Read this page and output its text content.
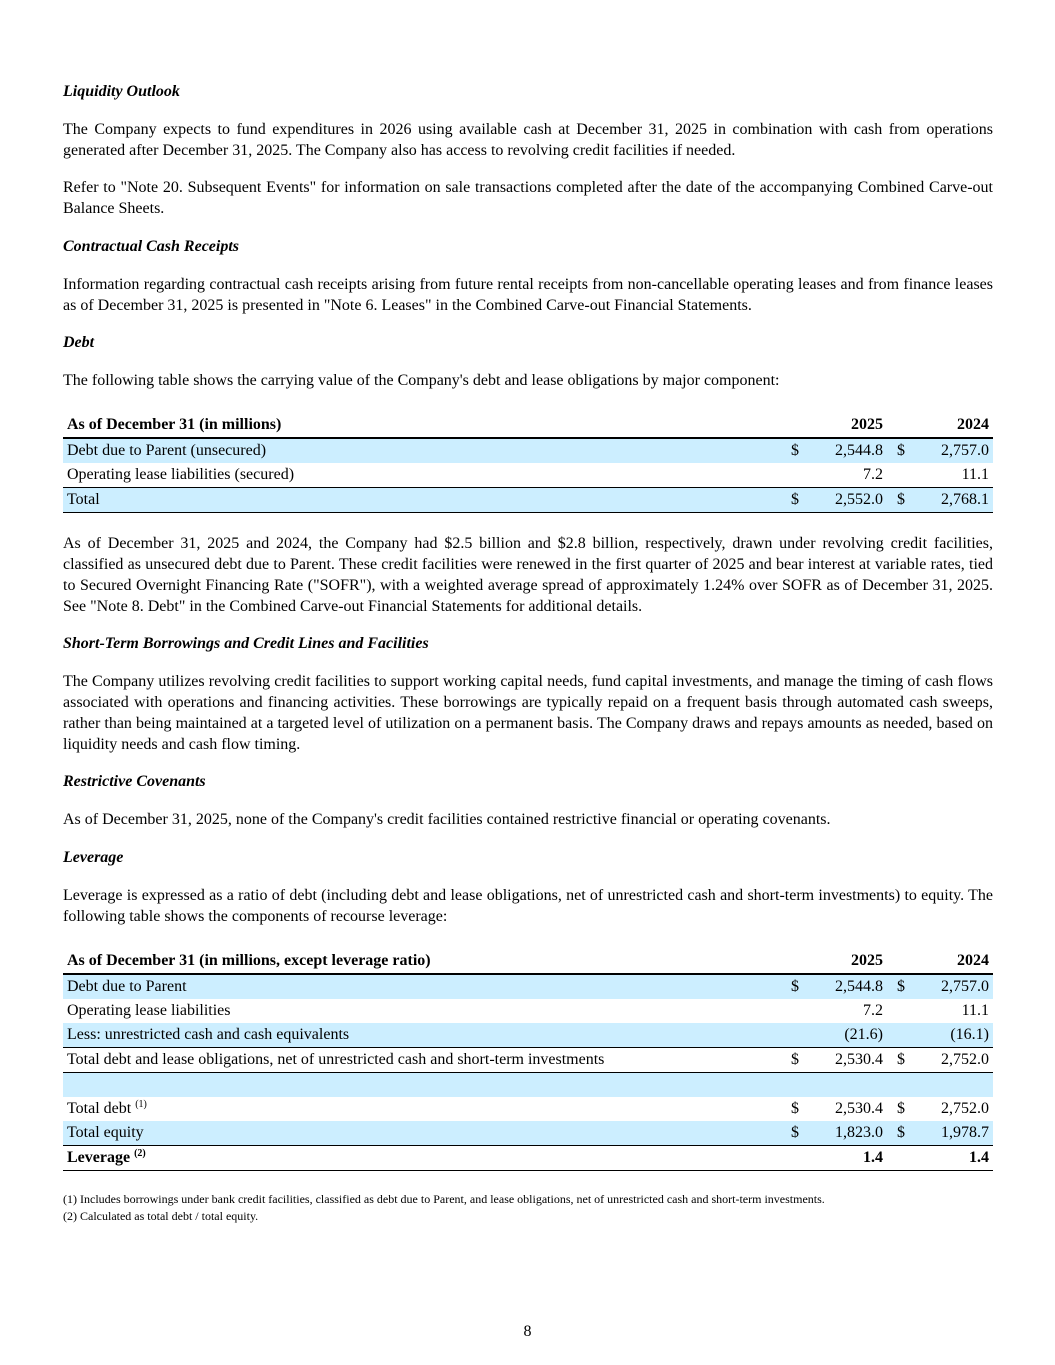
Liquidity Outlook
The Company expects to fund expenditures in 2026 using available cash at December 31, 2025 in combination with cash from operations generated after December 31, 2025. The Company also has access to revolving credit facilities if needed.
Refer to "Note 20. Subsequent Events" for information on sale transactions completed after the date of the accompanying Combined Carve-out Balance Sheets.
Contractual Cash Receipts
Information regarding contractual cash receipts arising from future rental receipts from non-cancellable operating leases and from finance leases as of December 31, 2025 is presented in "Note 6. Leases" in the Combined Carve-out Financial Statements.
Debt
The following table shows the carrying value of the Company's debt and lease obligations by major component:
As of December 31 (in millions)	2025		2024	
Debt due to Parent (unsecured)	$	2,544.8	$	2,757.0
Operating lease liabilities (secured)		7.2		11.1
Total	$	2,552.0	$	2,768.1
As of December 31, 2025 and 2024, the Company had $2.5 billion and $2.8 billion, respectively, drawn under revolving credit facilities, classified as unsecured debt due to Parent. These credit facilities were renewed in the first quarter of 2025 and bear interest at variable rates, tied to Secured Overnight Financing Rate ("SOFR"), with a weighted average spread of approximately 1.24% over SOFR as of December 31, 2025. See "Note 8. Debt" in the Combined Carve-out Financial Statements for additional details.
Short-Term Borrowings and Credit Lines and Facilities
The Company utilizes revolving credit facilities to support working capital needs, fund capital investments, and manage the timing of cash flows associated with operations and financing activities. These borrowings are typically repaid on a frequent basis through automated cash sweeps, rather than being maintained at a targeted level of utilization on a permanent basis. The Company draws and repays amounts as needed, based on liquidity needs and cash flow timing.
Restrictive Covenants
As of December 31, 2025, none of the Company's credit facilities contained restrictive financial or operating covenants.
Leverage
Leverage is expressed as a ratio of debt (including debt and lease obligations, net of unrestricted cash and short-term investments) to equity. The following table shows the components of recourse leverage:
As of December 31 (in millions, except leverage ratio)	2025		2024	
Debt due to Parent	$	2,544.8	$	2,757.0
Operating lease liabilities		7.2		11.1
Less: unrestricted cash and cash equivalents		(21.6)		(16.1)
Total debt and lease obligations, net of unrestricted cash and short-term investments	$	2,530.4	$	2,752.0

Total debt $^{(1)}$	$	2,530.4	$	2,752.0
Total equity	$	1,823.0	$	1,978.7
Leverage $^{(2)}$		1.4		1.4
(1) Includes borrowings under bank credit facilities, classified as debt due to Parent, and lease obligations, net of unrestricted cash and short-term investments.
(2) Calculated as total debt / total equity.
8
